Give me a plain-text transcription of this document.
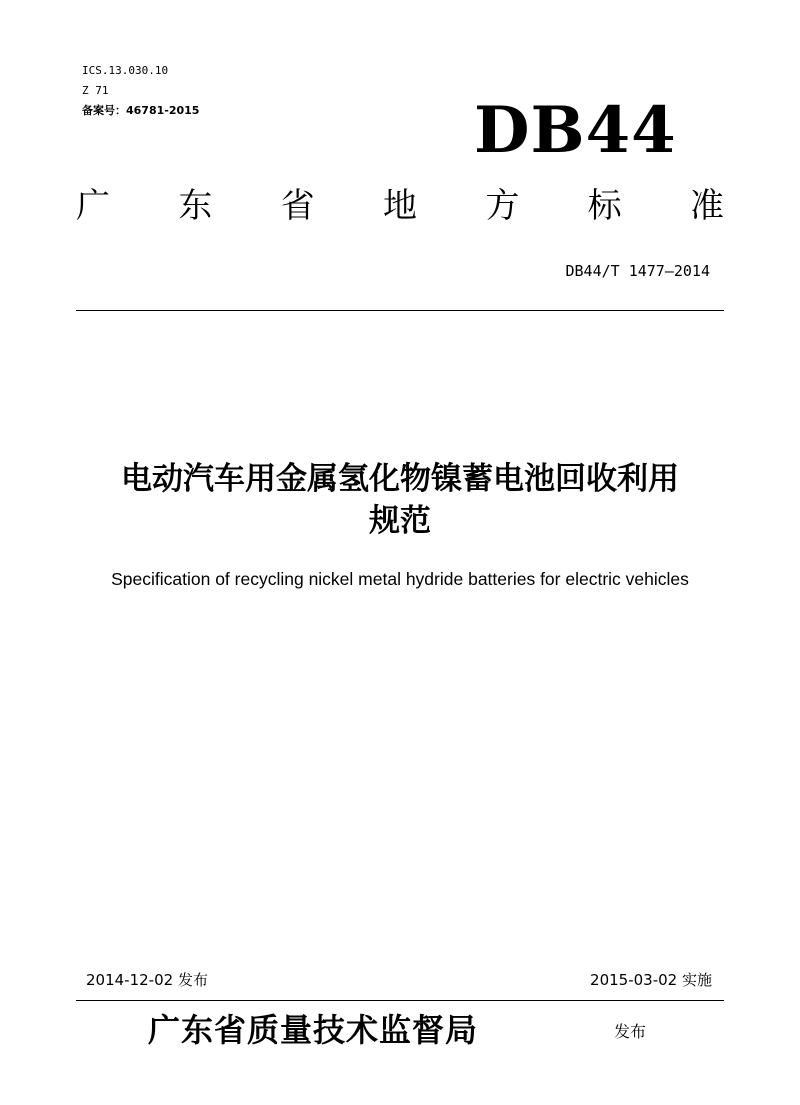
ICS.13.030.10
Z 71
备案号：46781-2015	DB44
广 东 省 地 方 标 准
DB44/T 1477—2014
电动汽车用金属氢化物镍蓄电池回收利用
规范
Specification of recycling nickel metal hydride batteries for electric vehicles
2014-12-02 发布	2015-03-02 实施
广东省质量技术监督局	发布
